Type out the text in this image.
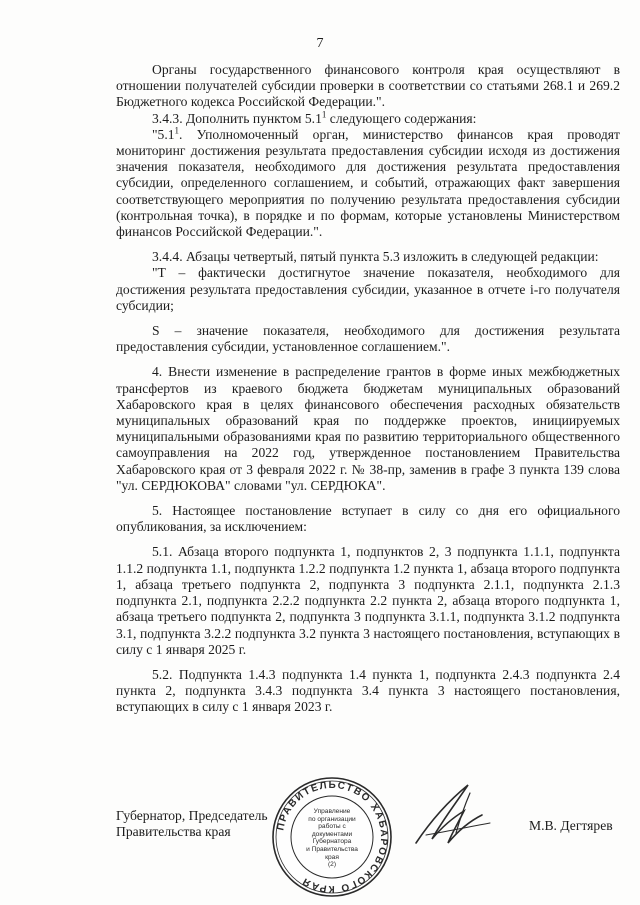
7

Органы государственного финансового контроля края осуществляют в отношении получателей субсидии проверки в соответствии со статьями 268.1 и 269.2 Бюджетного кодекса Российской Федерации.".

3.4.3. Дополнить пунктом $5.1^1$ следующего содержания:

"$5.1^1$. Уполномоченный орган, министерство финансов края проводят мониторинг достижения результата предоставления субсидии исходя из достижения значения показателя, необходимого для достижения результата предоставления субсидии, определенного соглашением, и событий, отражающих факт завершения соответствующего мероприятия по получению результата предоставления субсидии (контрольная точка), в порядке и по формам, которые установлены Министерством финансов Российской Федерации.".

3.4.4. Абзацы четвертый, пятый пункта 5.3 изложить в следующей редакции:

"T – фактически достигнутое значение показателя, необходимого для достижения результата предоставления субсидии, указанное в отчете i-го получателя субсидии;

S – значение показателя, необходимого для достижения результата предоставления субсидии, установленное соглашением.".

4. Внести изменение в распределение грантов в форме иных межбюджетных трансфертов из краевого бюджета бюджетам муниципальных образований Хабаровского края в целях финансового обеспечения расходных обязательств муниципальных образований края по поддержке проектов, инициируемых муниципальными образованиями края по развитию территориального общественного самоуправления на 2022 год, утвержденное постановлением Правительства Хабаровского края от 3 февраля 2022 г. № 38-пр, заменив в графе 3 пункта 139 слова "ул. СЕРДЮКОВА" словами "ул. СЕРДЮКА".

5. Настоящее постановление вступает в силу со дня его официального опубликования, за исключением:

5.1. Абзаца второго подпункта 1, подпунктов 2, 3 подпункта 1.1.1, подпункта 1.1.2 подпункта 1.1, подпункта 1.2.2 подпункта 1.2 пункта 1, абзаца второго подпункта 1, абзаца третьего подпункта 2, подпункта 3 подпункта 2.1.1, подпункта 2.1.3 подпункта 2.1, подпункта 2.2.2 подпункта 2.2 пункта 2, абзаца второго подпункта 1, абзаца третьего подпункта 2, подпункта 3 подпункта 3.1.1, подпункта 3.1.2 подпункта 3.1, подпункта 3.2.2 подпункта 3.2 пункта 3 настоящего постановления, вступающих в силу с 1 января 2025 г.

5.2. Подпункта 1.4.3 подпункта 1.4 пункта 1, подпункта 2.4.3 подпункта 2.4 пункта 2, подпункта 3.4.3 подпункта 3.4 пункта 3 настоящего постановления, вступающих в силу с 1 января 2023 г.

Губернатор, Председатель
Правительства края	М.В. Дегтярев
ПРАВИТЕЛЬСТВО ХАБАРОВСКОГО КРАЯ
Управление
по организации
работы с документами
Губернатора
и Правительства
края
(2)
